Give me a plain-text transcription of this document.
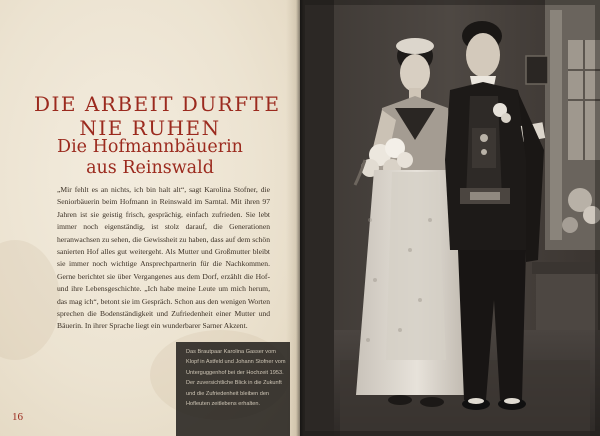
DIE ARBEIT DURFTE

NIE RUHEN

Die Hofmannbäuerin

aus Reinswald

„Mir fehlt es an nichts, ich bin halt alt“, sagt Karolina Stofner, die Seniorbäuerin beim Hofmann in Reinswald im Sarntal. Mit ihren 97 Jahren ist sie geistig frisch, gesprächig, einfach zufrieden. Sie lebt immer noch eigenständig, ist stolz darauf, die Generationen heranwachsen zu sehen, die Gewissheit zu haben, dass auf dem schön sanierten Hof alles gut weitergeht. Als Mutter und Großmutter bleibt sie immer noch wichtige Ansprechpartnerin für die Nachkommen. Gerne berichtet sie über Vergangenes aus dem Dorf, erzählt die Hof- und ihre Lebensgeschichte. „Ich habe meine Leute um mich herum, das mag ich“, betont sie im Gespräch. Schon aus den wenigen Worten sprechen die Bodenständigkeit und Zufriedenheit einer Mutter und Bäuerin. In ihrer Sprache liegt ein wunderbarer Sarner Akzent.

16

Das Brautpaar Karolina Gasser vom Klopf in Astfeld und Johann Stofner vom Unterguggenhof bei der Hochzeit 1953. Der zuversichtliche Blick in die Zukunft und die Zufriedenheit bleiben den Hofleuten zeitlebens erhalten.
